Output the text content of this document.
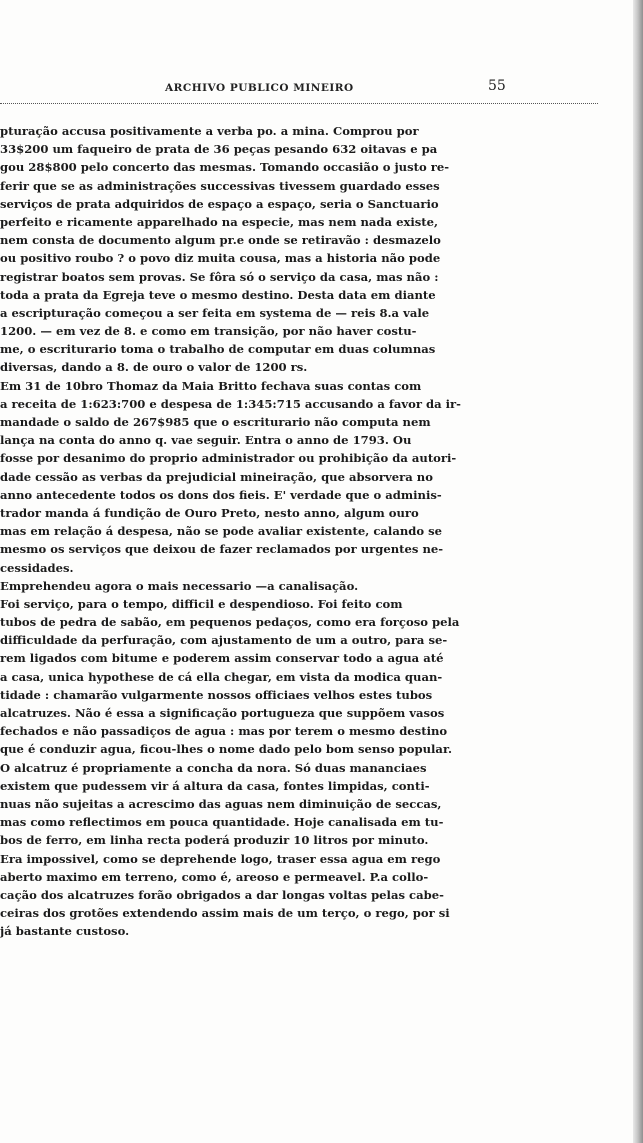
ARCHIVO PUBLICO MINEIRO	55
pturação accusa positivamente a verba po. a mina. Comprou por
33$200 um faqueiro de prata de 36 peças pesando 632 oitavas e pa
gou 28$800 pelo concerto das mesmas. Tomando occasião o justo re-
ferir que se as administrações successivas tivessem guardado esses
serviços de prata adquiridos de espaço a espaço, seria o Sanctuario
perfeito e ricamente apparelhado na especie, mas nem nada existe,
nem consta de documento algum pr.e onde se retiravão : desmazelo
ou positivo roubo ? o povo diz muita cousa, mas a historia não pode
registrar boatos sem provas. Se fôra só o serviço da casa, mas não :
toda a prata da Egreja teve o mesmo destino. Desta data em diante
a escripturação começou a ser feita em systema de — reis 8.a vale
1200. — em vez de 8. e como em transição, por não haver costu-
me, o escriturario toma o trabalho de computar em duas columnas
diversas, dando a 8. de ouro o valor de 1200 rs.
Em 31 de 10bro Thomaz da Maia Britto fechava suas contas com
a receita de 1:623:700 e despesa de 1:345:715 accusando a favor da ir-
mandade o saldo de 267$985 que o escriturario não computa nem
lança na conta do anno q. vae seguir. Entra o anno de 1793. Ou
fosse por desanimo do proprio administrador ou prohibição da autori-
dade cessão as verbas da prejudicial mineiração, que absorvera no
anno antecedente todos os dons dos fieis. E' verdade que o adminis-
trador manda á fundição de Ouro Preto, nesto anno, algum ouro
mas em relação á despesa, não se pode avaliar existente, calando se
mesmo os serviços que deixou de fazer reclamados por urgentes ne-
cessidades.
Emprehendeu agora o mais necessario —a canalisação.
Foi serviço, para o tempo, difficil e despendioso. Foi feito com
tubos de pedra de sabão, em pequenos pedaços, como era forçoso pela
difficuldade da perfuração, com ajustamento de um a outro, para se-
rem ligados com bitume e poderem assim conservar todo a agua até
a casa, unica hypothese de cá ella chegar, em vista da modica quan-
tidade : chamarão vulgarmente nossos officiaes velhos estes tubos
alcatruzes. Não é essa a significação portugueza que suppõem vasos
fechados e não passadiços de agua : mas por terem o mesmo destino
que é conduzir agua, ficou-lhes o nome dado pelo bom senso popular.
O alcatruz é propriamente a concha da nora. Só duas mananciaes
existem que pudessem vir á altura da casa, fontes limpidas, conti-
nuas não sujeitas a acrescimo das aguas nem diminuição de seccas,
mas como reflectimos em pouca quantidade. Hoje canalisada em tu-
bos de ferro, em linha recta poderá produzir 10 litros por minuto.
Era impossivel, como se deprehende logo, traser essa agua em rego
aberto maximo em terreno, como é, areoso e permeavel. P.a collo-
cação dos alcatruzes forão obrigados a dar longas voltas pelas cabe-
ceiras dos grotões extendendo assim mais de um terço, o rego, por si
já bastante custoso.
